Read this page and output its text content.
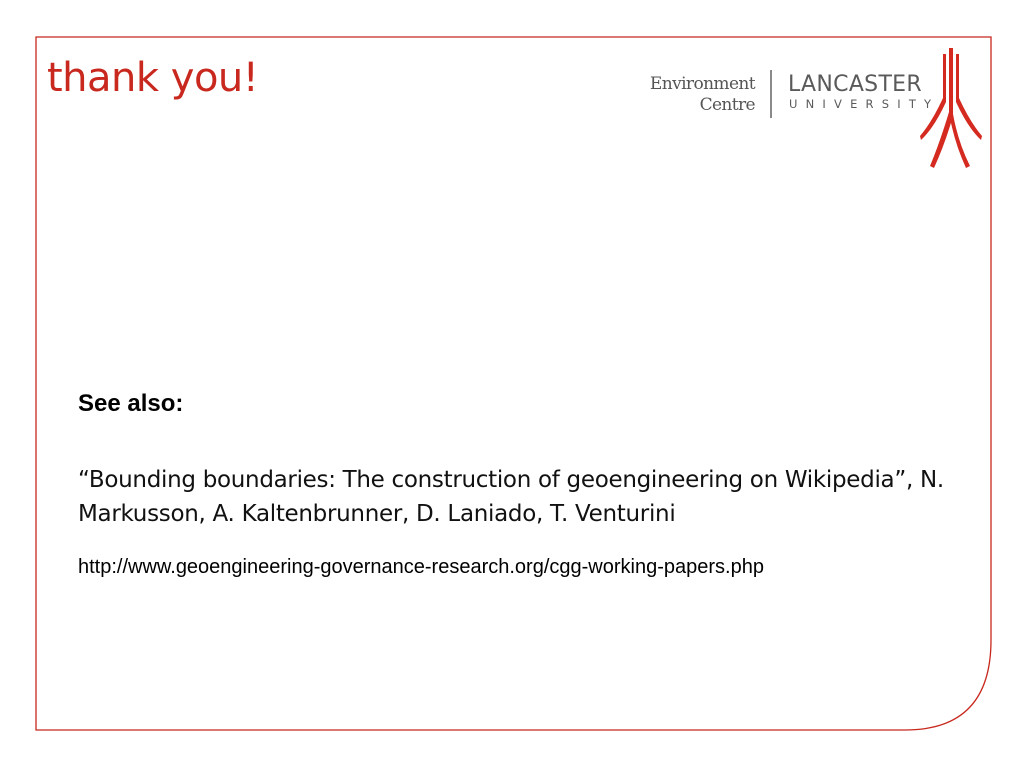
thank you!	Environment
Centre
LANCASTER
UNIVERSITY
See also:

“Bounding boundaries: The construction of geoengineering on Wikipedia”, N. Markusson, A. Kaltenbrunner, D. Laniado, T. Venturini

http://www.geoengineering-governance-research.org/cgg-working-papers.php
